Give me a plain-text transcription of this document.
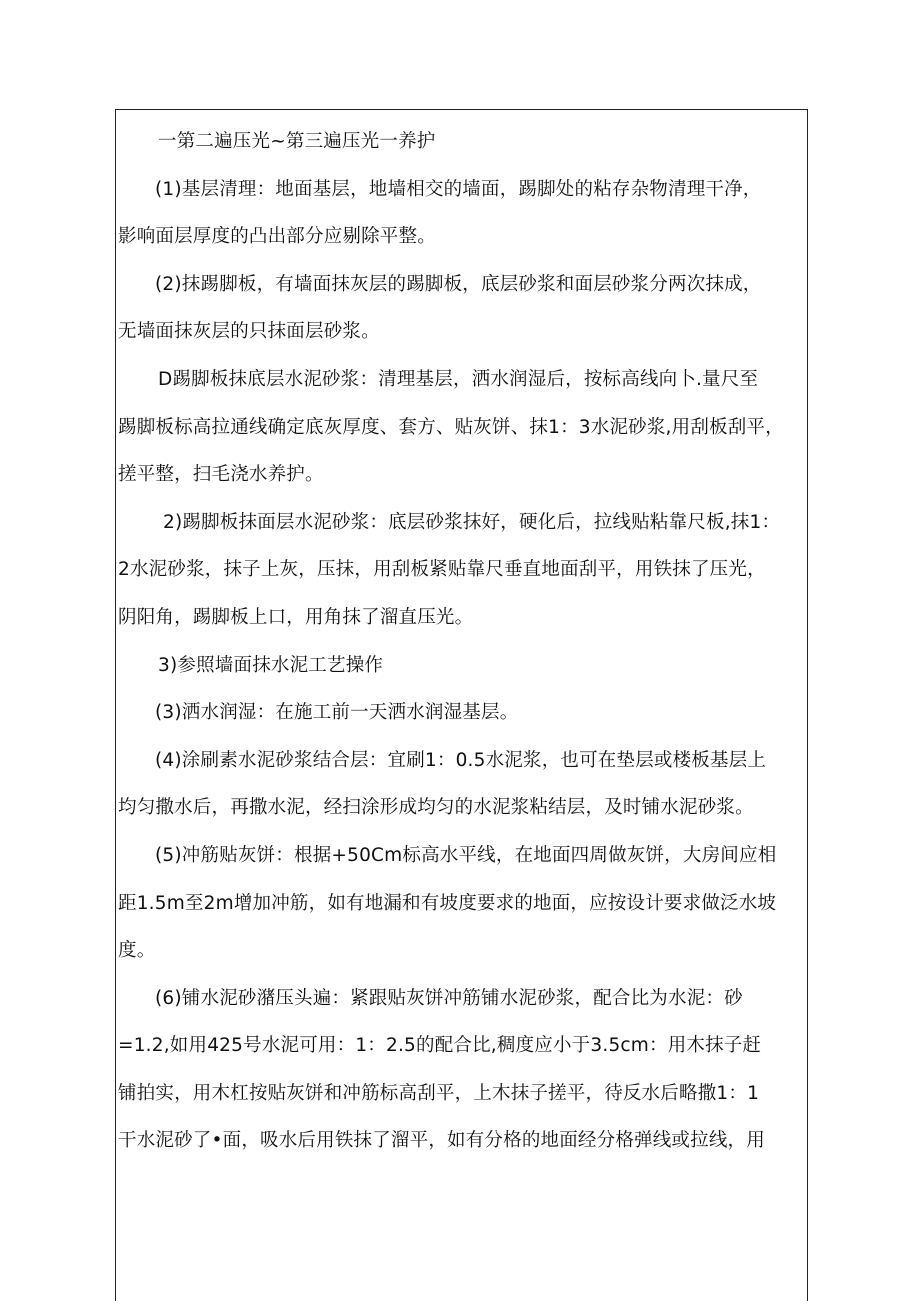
一第二遍压光~第三遍压光一养护
(1)基层清理：地面基层，地墙相交的墙面，踢脚处的粘存杂物清理干净，
影响面层厚度的凸出部分应剔除平整。
(2)抹踢脚板，有墙面抹灰层的踢脚板，底层砂浆和面层砂浆分两次抹成，
无墙面抹灰层的只抹面层砂浆。
D踢脚板抹底层水泥砂浆：清理基层，洒水润湿后，按标高线向卜.量尺至
踢脚板标高拉通线确定底灰厚度、套方、贴灰饼、抹1：3水泥砂浆,用刮板刮平，
搓平整，扫毛浇水养护。
2)踢脚板抹面层水泥砂浆：底层砂浆抹好，硬化后，拉线贴粘靠尺板,抹1：
2水泥砂浆，抹子上灰，压抹，用刮板紧贴靠尺垂直地面刮平，用铁抹了压光，
阴阳角，踢脚板上口，用角抹了溜直压光。
3)参照墙面抹水泥工艺操作
(3)洒水润湿：在施工前一天洒水润湿基层。
(4)涂刷素水泥砂浆结合层：宜刷1：0.5水泥浆，也可在垫层或楼板基层上
均匀撒水后，再撒水泥，经扫涂形成均匀的水泥浆粘结层，及时铺水泥砂浆。
(5)冲筋贴灰饼：根据+50Cm标高水平线，在地面四周做灰饼，大房间应相
距1.5m至2m增加冲筋，如有地漏和有坡度要求的地面，应按设计要求做泛水坡
度。
(6)铺水泥砂潴压头遍：紧跟贴灰饼冲筋铺水泥砂浆，配合比为水泥：砂
=1.2,如用425号水泥可用：1：2.5的配合比,稠度应小于3.5cm：用木抹子赶
铺拍实，用木杠按贴灰饼和冲筋标高刮平，上木抹子搓平，待反水后略撒1：1
干水泥砂了•面，吸水后用铁抹了溜平，如有分格的地面经分格弹线或拉线，用
